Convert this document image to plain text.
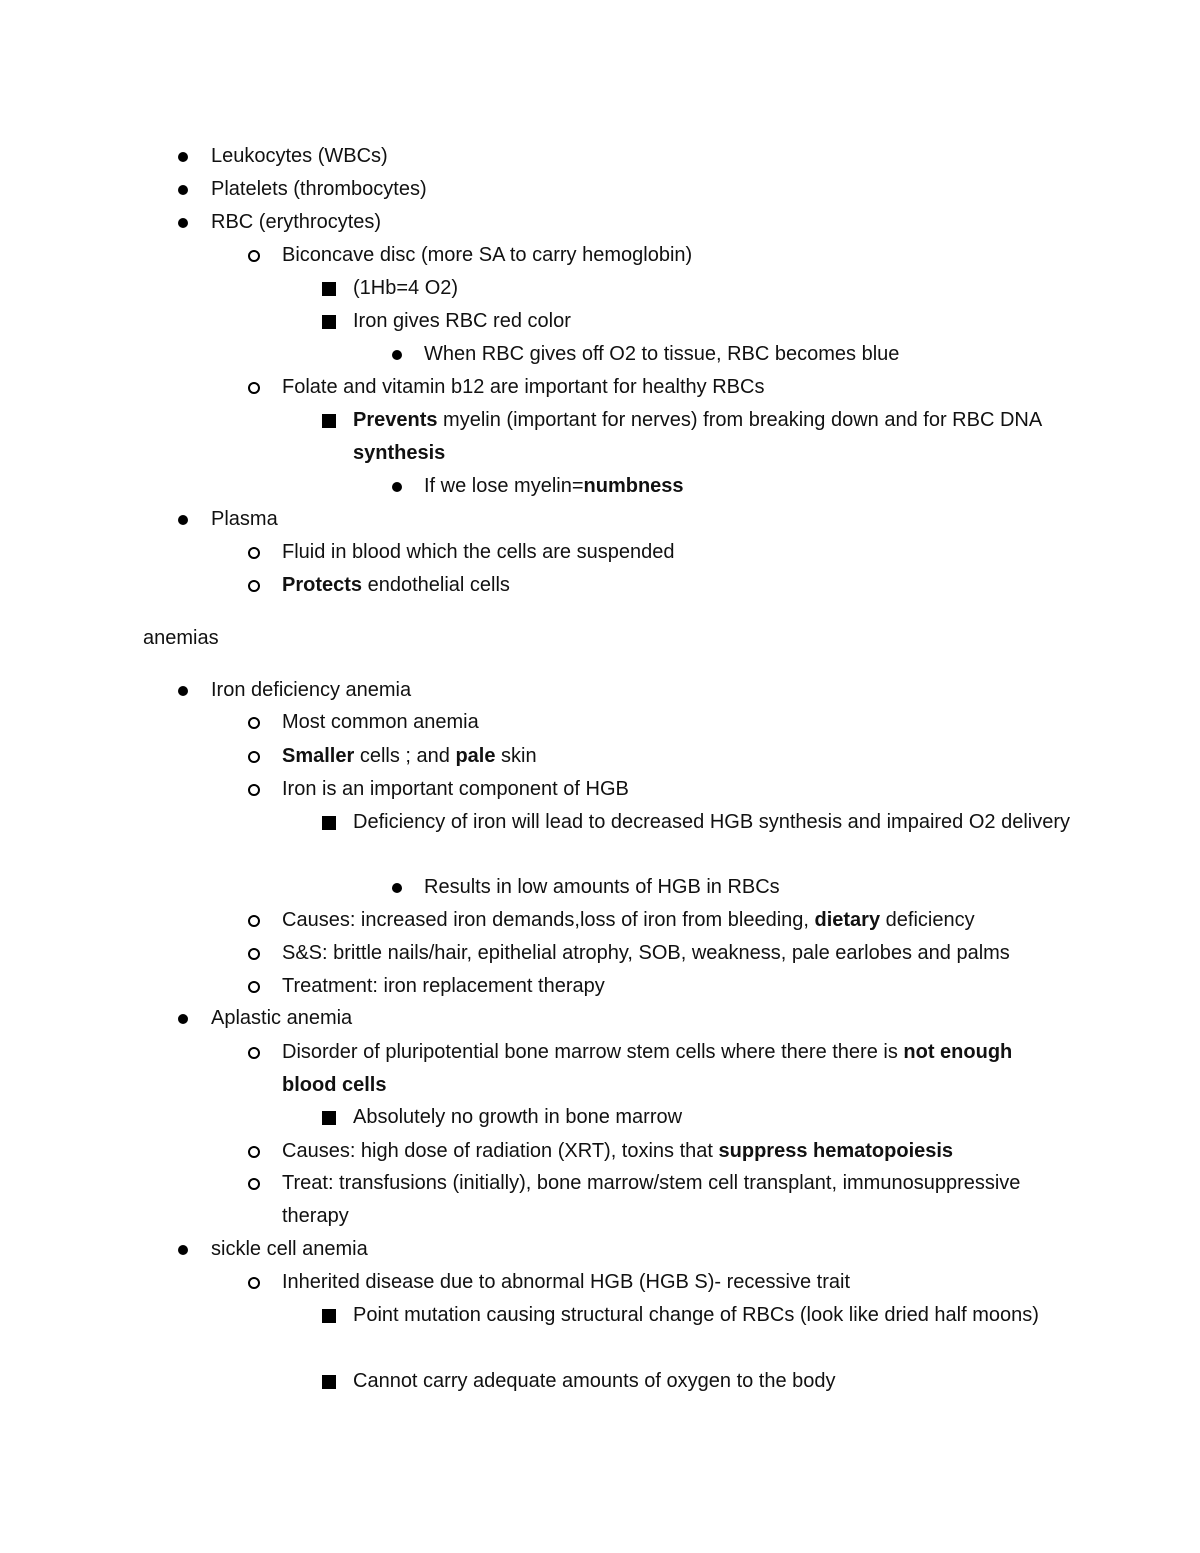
Leukocytes (WBCs)
Platelets (thrombocytes)
RBC (erythrocytes)
Biconcave disc (more SA to carry hemoglobin)
(1Hb=4 O2)
Iron gives RBC red color
When RBC gives off O2 to tissue, RBC becomes blue
Folate and vitamin b12 are important for healthy RBCs
Prevents myelin (important for nerves) from breaking down and for RBC DNA synthesis
If we lose myelin=numbness
Plasma
Fluid in blood which the cells are suspended
Protects endothelial cells
Iron deficiency anemia
Most common anemia
Smaller cells ; and pale skin
Iron is an important component of HGB
Deficiency of iron will lead to decreased HGB synthesis and impaired O2 delivery
Results in low amounts of HGB in RBCs
Causes: increased iron demands,loss of iron from bleeding, dietary deficiency
S&S: brittle nails/hair, epithelial atrophy, SOB, weakness, pale earlobes and palms
Treatment: iron replacement therapy
Aplastic anemia
Disorder of pluripotential bone marrow stem cells where there there is not enough blood cells
Absolutely no growth in bone marrow
Causes: high dose of radiation (XRT), toxins that suppress hematopoiesis
Treat: transfusions (initially), bone marrow/stem cell transplant, immunosuppressive therapy
sickle cell anemia
Inherited disease due to abnormal HGB (HGB S)- recessive trait
Point mutation causing structural change of RBCs (look like dried half moons)
Cannot carry adequate amounts of oxygen to the body
anemias
